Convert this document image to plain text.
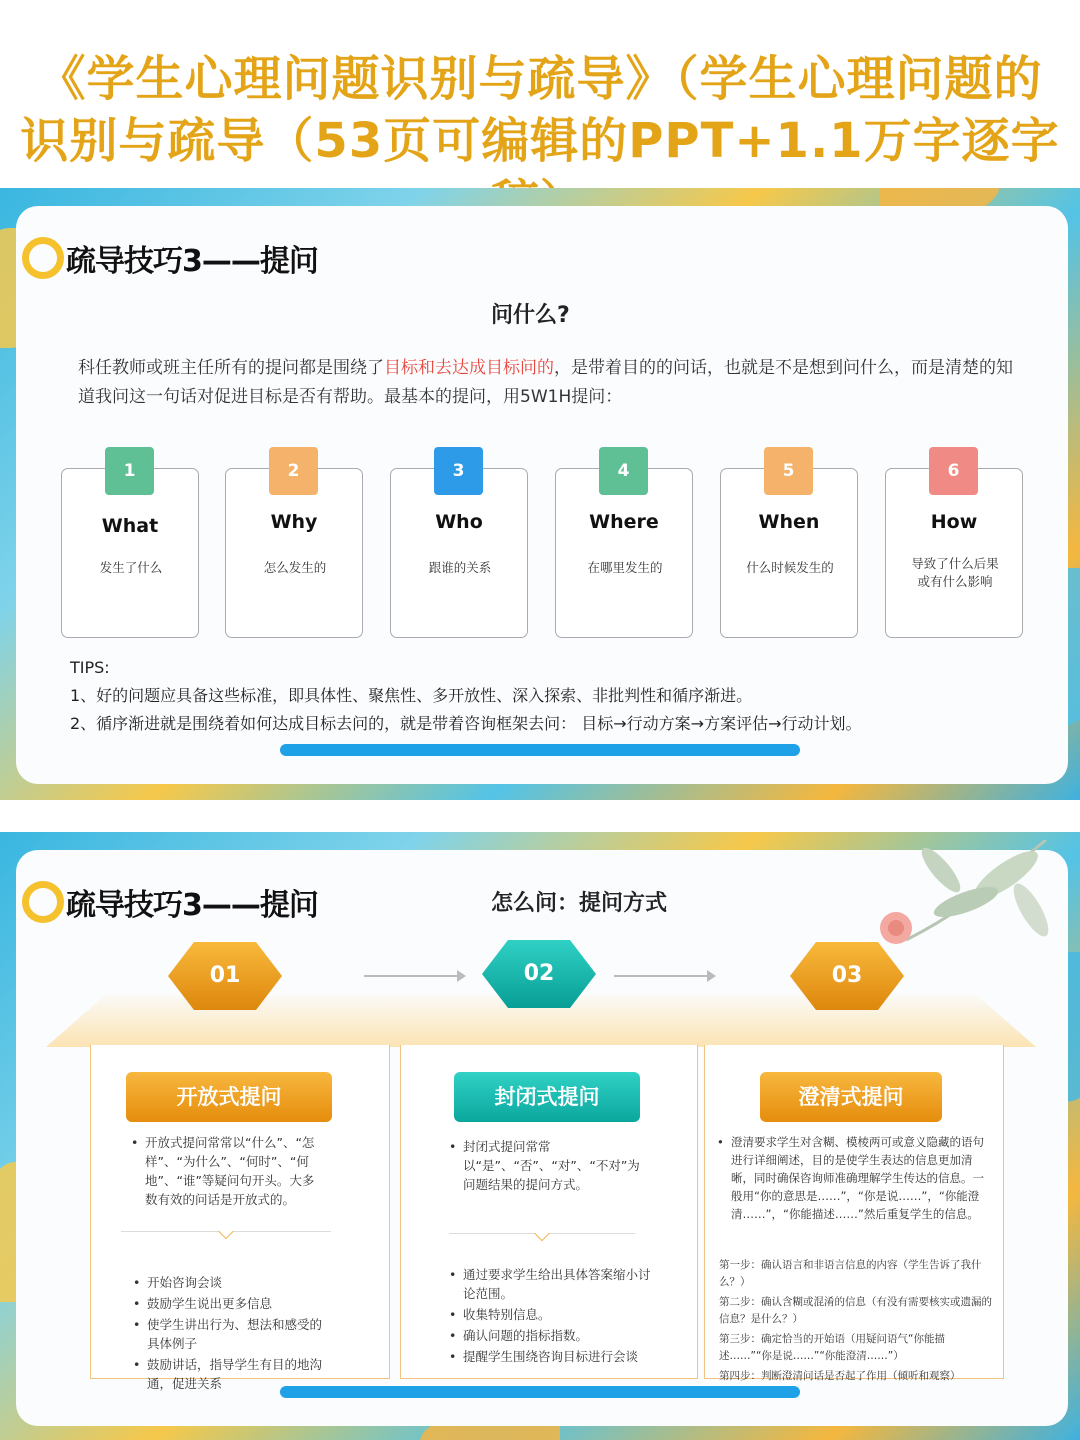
《学生心理问题识别与疏导》（学生心理问题的
识别与疏导（53页可编辑的PPT+1.1万字逐字
疏导技巧3——提问
问什么?
科任教师或班主任所有的提问都是围绕了目标和去达成目标问的，是带着目的的问话，也就是不是想到问什么，而是清楚的知道我问这一句话对促进目标是否有帮助。最基本的提问，用5W1H提问：
1
What
发生了什么
2
Why
怎么发生的
3
Who
跟谁的关系
4
Where
在哪里发生的
5
When
什么时候发生的
6
How
导致了什么后果
或有什么影响
TIPS:
1、好的问题应具备这些标准，即具体性、聚焦性、多开放性、深入探索、非批判性和循序渐进。
2、循序渐进就是围绕着如何达成目标去问的，就是带着咨询框架去问： 目标→行动方案→方案评估→行动计划。
疏导技巧3——提问	怎么问：提问方式
01	02	03
• 开放式提问常常以“什么”、“怎样”、“为什么”、“何时”、“何地”、“谁”等疑问句开头。大多数有效的问话是开放式的。
• 开始咨询会谈
• 鼓励学生说出更多信息
• 使学生讲出行为、想法和感受的具体例子
• 鼓励讲话，指导学生有目的地沟通，促进关系
开放式提问
• 封闭式提问常常以“是”、“否”、“对”、“不对”为问题结果的提问方式。
• 通过要求学生给出具体答案缩小讨论范围。
• 收集特别信息。
• 确认问题的指标指数。
• 提醒学生围绕咨询目标进行会谈
封闭式提问
• 澄清要求学生对含糊、模棱两可或意义隐藏的语句进行详细阐述，目的是使学生表达的信息更加清晰，同时确保咨询师准确理解学生传达的信息。一般用“你的意思是……”，“你是说……”，“你能澄清……”，“你能描述……”然后重复学生的信息。

第一步：确认语言和非语言信息的内容（学生告诉了我什么？）

第二步：确认含糊或混淆的信息（有没有需要核实或遗漏的信息？是什么？）

第三步：确定恰当的开始语（用疑问语气“你能描述……”“你是说……”“你能澄清……”）

第四步：判断澄清问话是否起了作用（倾听和观察）

澄清式提问
